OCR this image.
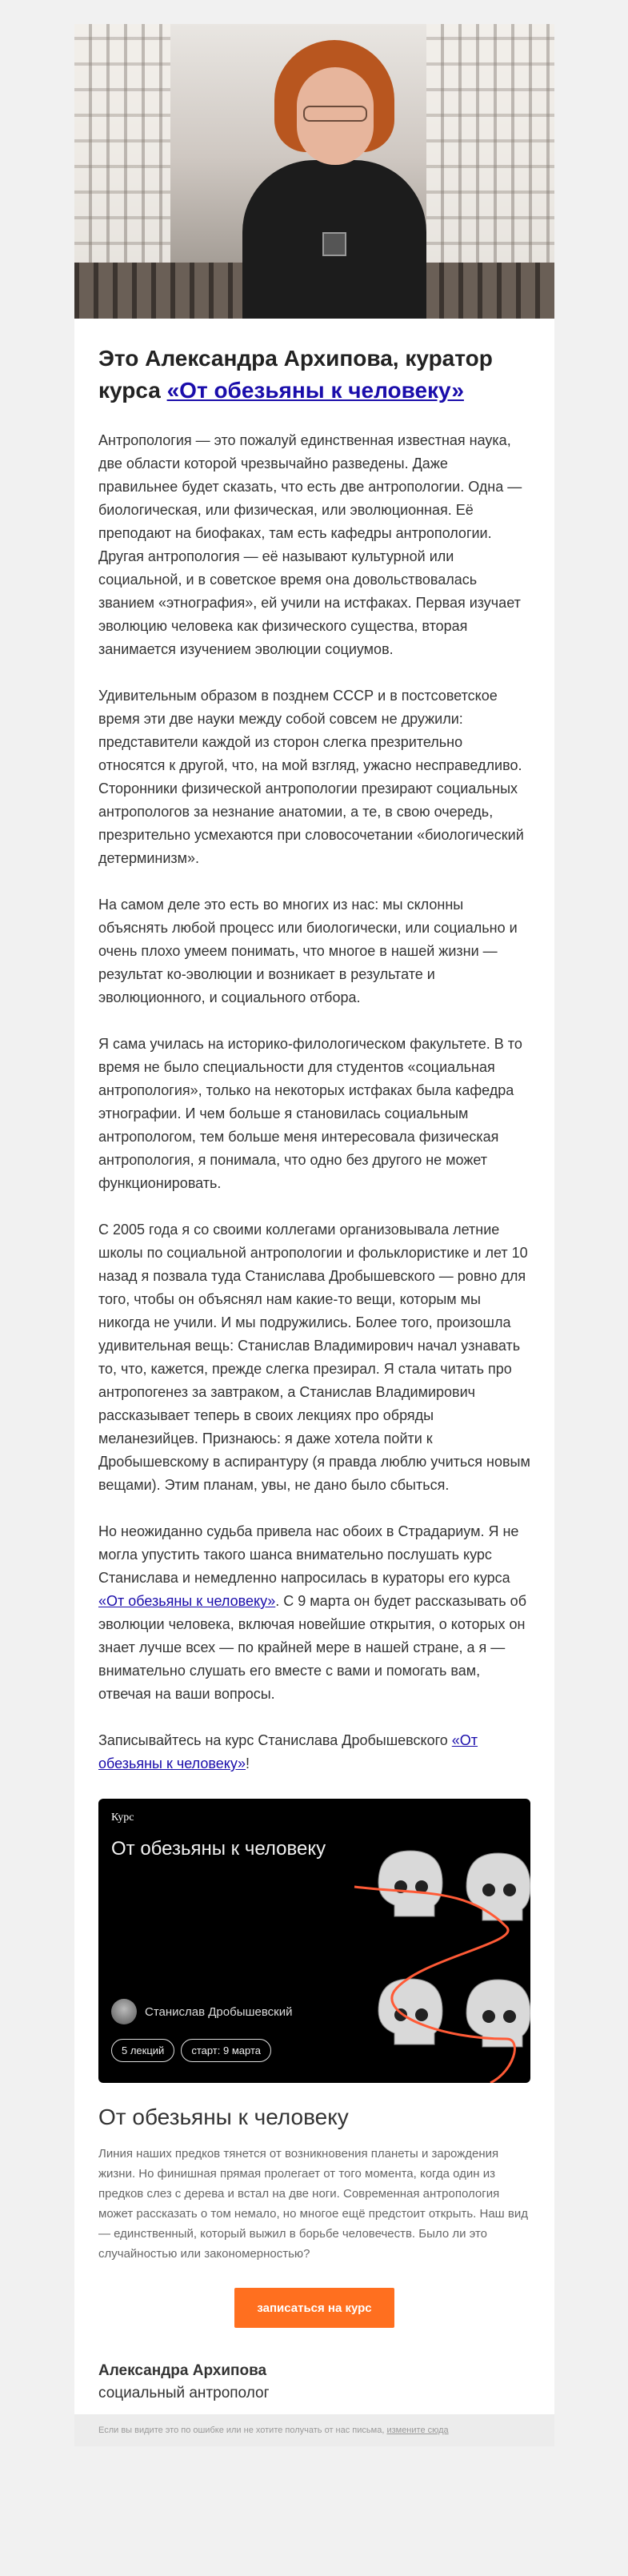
Это Александра Архипова, куратор курса «От обезьяны к человеку»

Антропология — это пожалуй единственная известная наука, две области которой чрезвычайно разведены. Даже правильнее будет сказать, что есть две антропологии. Одна — биологическая, или физическая, или эволюционная. Её преподают на биофаках, там есть кафедры антропологии. Другая антропология — её называют культурной или социальной, и в советское время она довольствовалась званием «этнография», ей учили на истфаках. Первая изучает эволюцию человека как физического существа, вторая занимается изучением эволюции социумов.

Удивительным образом в позднем СССР и в постсоветское время эти две науки между собой совсем не дружили: представители каждой из сторон слегка презрительно относятся к другой, что, на мой взгляд, ужасно несправедливо. Сторонники физической антропологии презирают социальных антропологов за незнание анатомии, а те, в свою очередь, презрительно усмехаются при словосочетании «биологический детерминизм».

На самом деле это есть во многих из нас: мы склонны объяснять любой процесс или биологически, или социально и очень плохо умеем понимать, что многое в нашей жизни — результат ко-эволюции и возникает в результате и эволюционного, и социального отбора.

Я сама училась на историко-филологическом факультете. В то время не было специальности для студентов «социальная антропология», только на некоторых истфаках была кафедра этнографии. И чем больше я становилась социальным антропологом, тем больше меня интересовала физическая антропология, я понимала, что одно без другого не может функционировать.

С 2005 года я со своими коллегами организовывала летние школы по социальной антропологии и фольклористике и лет 10 назад я позвала туда Станислава Дробышевского — ровно для того, чтобы он объяснял нам какие-то вещи, которым мы никогда не учили. И мы подружились. Более того, произошла удивительная вещь: Станислав Владимирович начал узнавать то, что, кажется, прежде слегка презирал. Я стала читать про антропогенез за завтраком, а Станислав Владимирович рассказывает теперь в своих лекциях про обряды меланезийцев. Признаюсь: я даже хотела пойти к Дробышевскому в аспирантуру (я правда люблю учиться новым вещами). Этим планам, увы, не дано было сбыться.

Но неожиданно судьба привела нас обоих в Страдариум. Я не могла упустить такого шанса внимательно послушать курс Станислава и немедленно напросилась в кураторы его курса «От обезьяны к человеку». С 9 марта он будет рассказывать об эволюции человека, включая новейшие открытия, о которых он знает лучше всех — по крайней мере в нашей стране, а я — внимательно слушать его вместе с вами и помогать вам, отвечая на ваши вопросы.

Записывайтесь на курс Станислава Дробышевского «От обезьяны к человеку»!

Курс
От обезьяны к человеку
Станислав Дробышевский
5 лекций	старт: 9 марта
От обезьяны к человеку

Линия наших предков тянется от возникновения планеты и зарождения жизни. Но финишная прямая пролегает от того момента, когда один из предков слез с дерева и встал на две ноги. Современная антропология может рассказать о том немало, но многое ещё предстоит открыть. Наш вид — единственный, который выжил в борьбе человечеств. Было ли это случайностью или закономерностью?

записаться на курс
Александра Архипова
социальный антрополог
Если вы видите это по ошибке или не хотите получать от нас письма, измените сюда
